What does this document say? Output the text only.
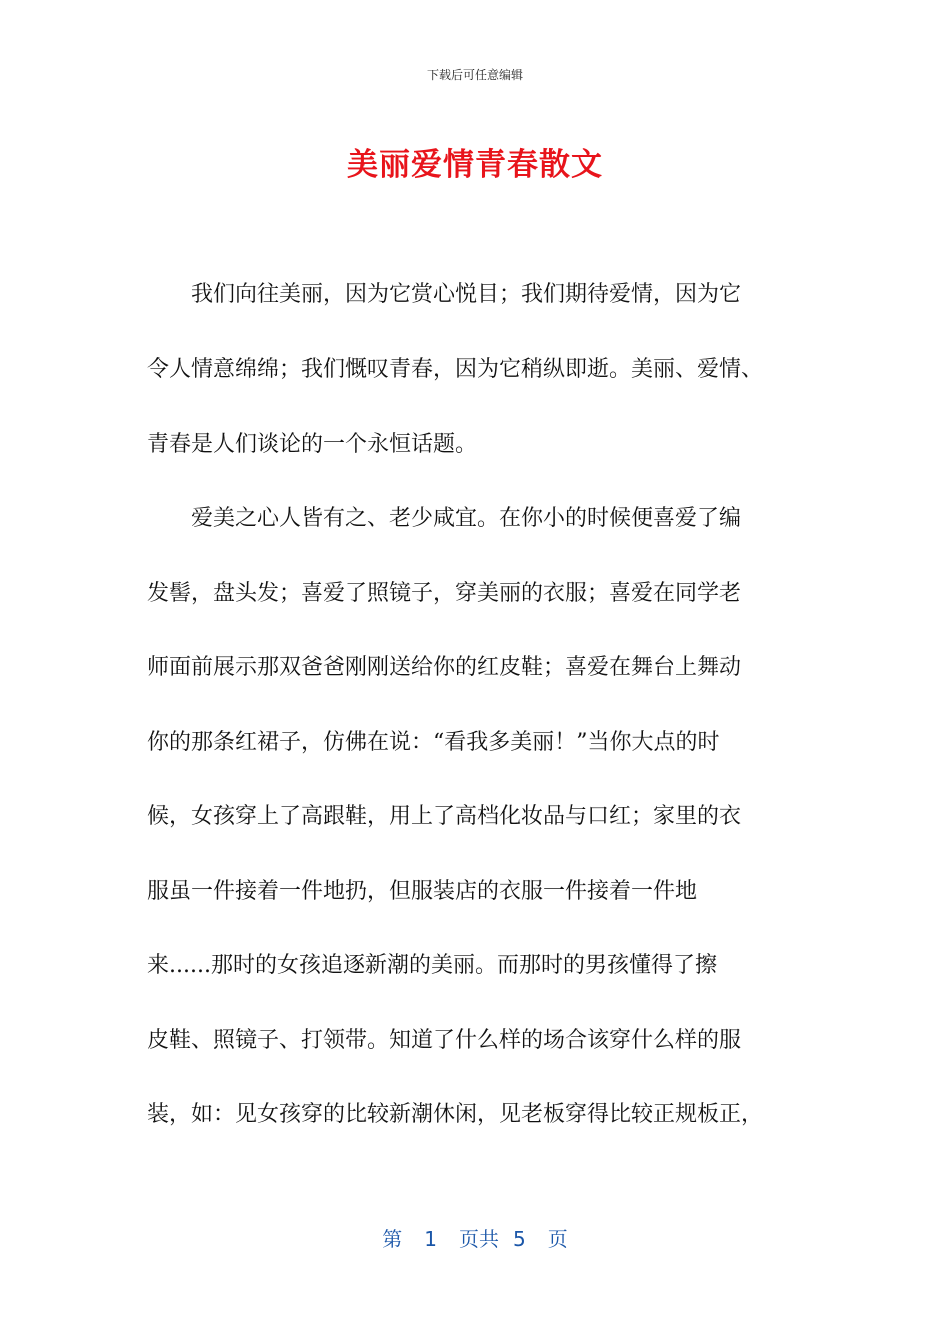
下载后可任意编辑
美丽爱情青春散文
　　我们向往美丽，因为它赏心悦目；我们期待爱情，因为它
令人情意绵绵；我们慨叹青春，因为它稍纵即逝。美丽、爱情、
青春是人们谈论的一个永恒话题。
　　爱美之心人皆有之、老少咸宜。在你小的时候便喜爱了编
发髻，盘头发；喜爱了照镜子，穿美丽的衣服；喜爱在同学老
师面前展示那双爸爸刚刚送给你的红皮鞋；喜爱在舞台上舞动
你的那条红裙子，仿佛在说：“看我多美丽！”当你大点的时
候，女孩穿上了高跟鞋，用上了高档化妆品与口红；家里的衣
服虽一件接着一件地扔，但服装店的衣服一件接着一件地
来......那时的女孩追逐新潮的美丽。而那时的男孩懂得了擦
皮鞋、照镜子、打领带。知道了什么样的场合该穿什么样的服
装，如：见女孩穿的比较新潮休闲，见老板穿得比较正规板正，
第 1 页共 5 页
